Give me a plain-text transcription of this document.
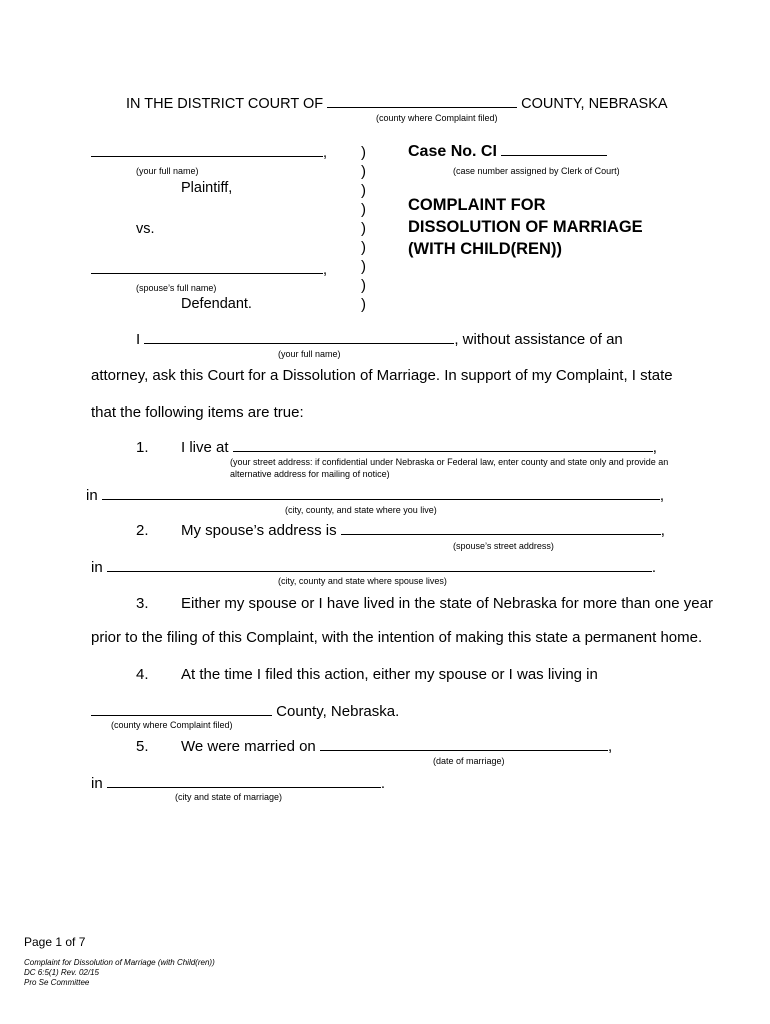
IN THE DISTRICT COURT OF	COUNTY, NEBRASKA
(county where Complaint filed)
,
(your full name)
Plaintiff,
vs.
,
(spouse’s full name)
Defendant.
)
)
)
)
)
)
)
)
)
Case No. CI
(case number assigned by Clerk of Court)
COMPLAINT FOR
DISSOLUTION OF MARRIAGE
(WITH CHILD(REN))
I	, without assistance of an
(your full name)
attorney, ask this Court for a Dissolution of Marriage. In support of my Complaint, I state
that the following items are true:
1. I live at	,
(your street address: if confidential under Nebraska or Federal law, enter county and state only and provide an
alternative address for mailing of notice)
in	,
(city, county, and state where you live)
2. My spouse’s address is	,
(spouse’s street address)
in	.
(city, county and state where spouse lives)
3. Either my spouse or I have lived in the state of Nebraska for more than one year
prior to the filing of this Complaint, with the intention of making this state a permanent home.
4. At the time I filed this action, either my spouse or I was living in
County, Nebraska.
(county where Complaint filed)
5. We were married on	,
(date of marriage)
in	.
(city and state of marriage)
Page 1 of 7
Complaint for Dissolution of Marriage (with Child(ren))
DC 6:5(1) Rev. 02/15
Pro Se Committee
